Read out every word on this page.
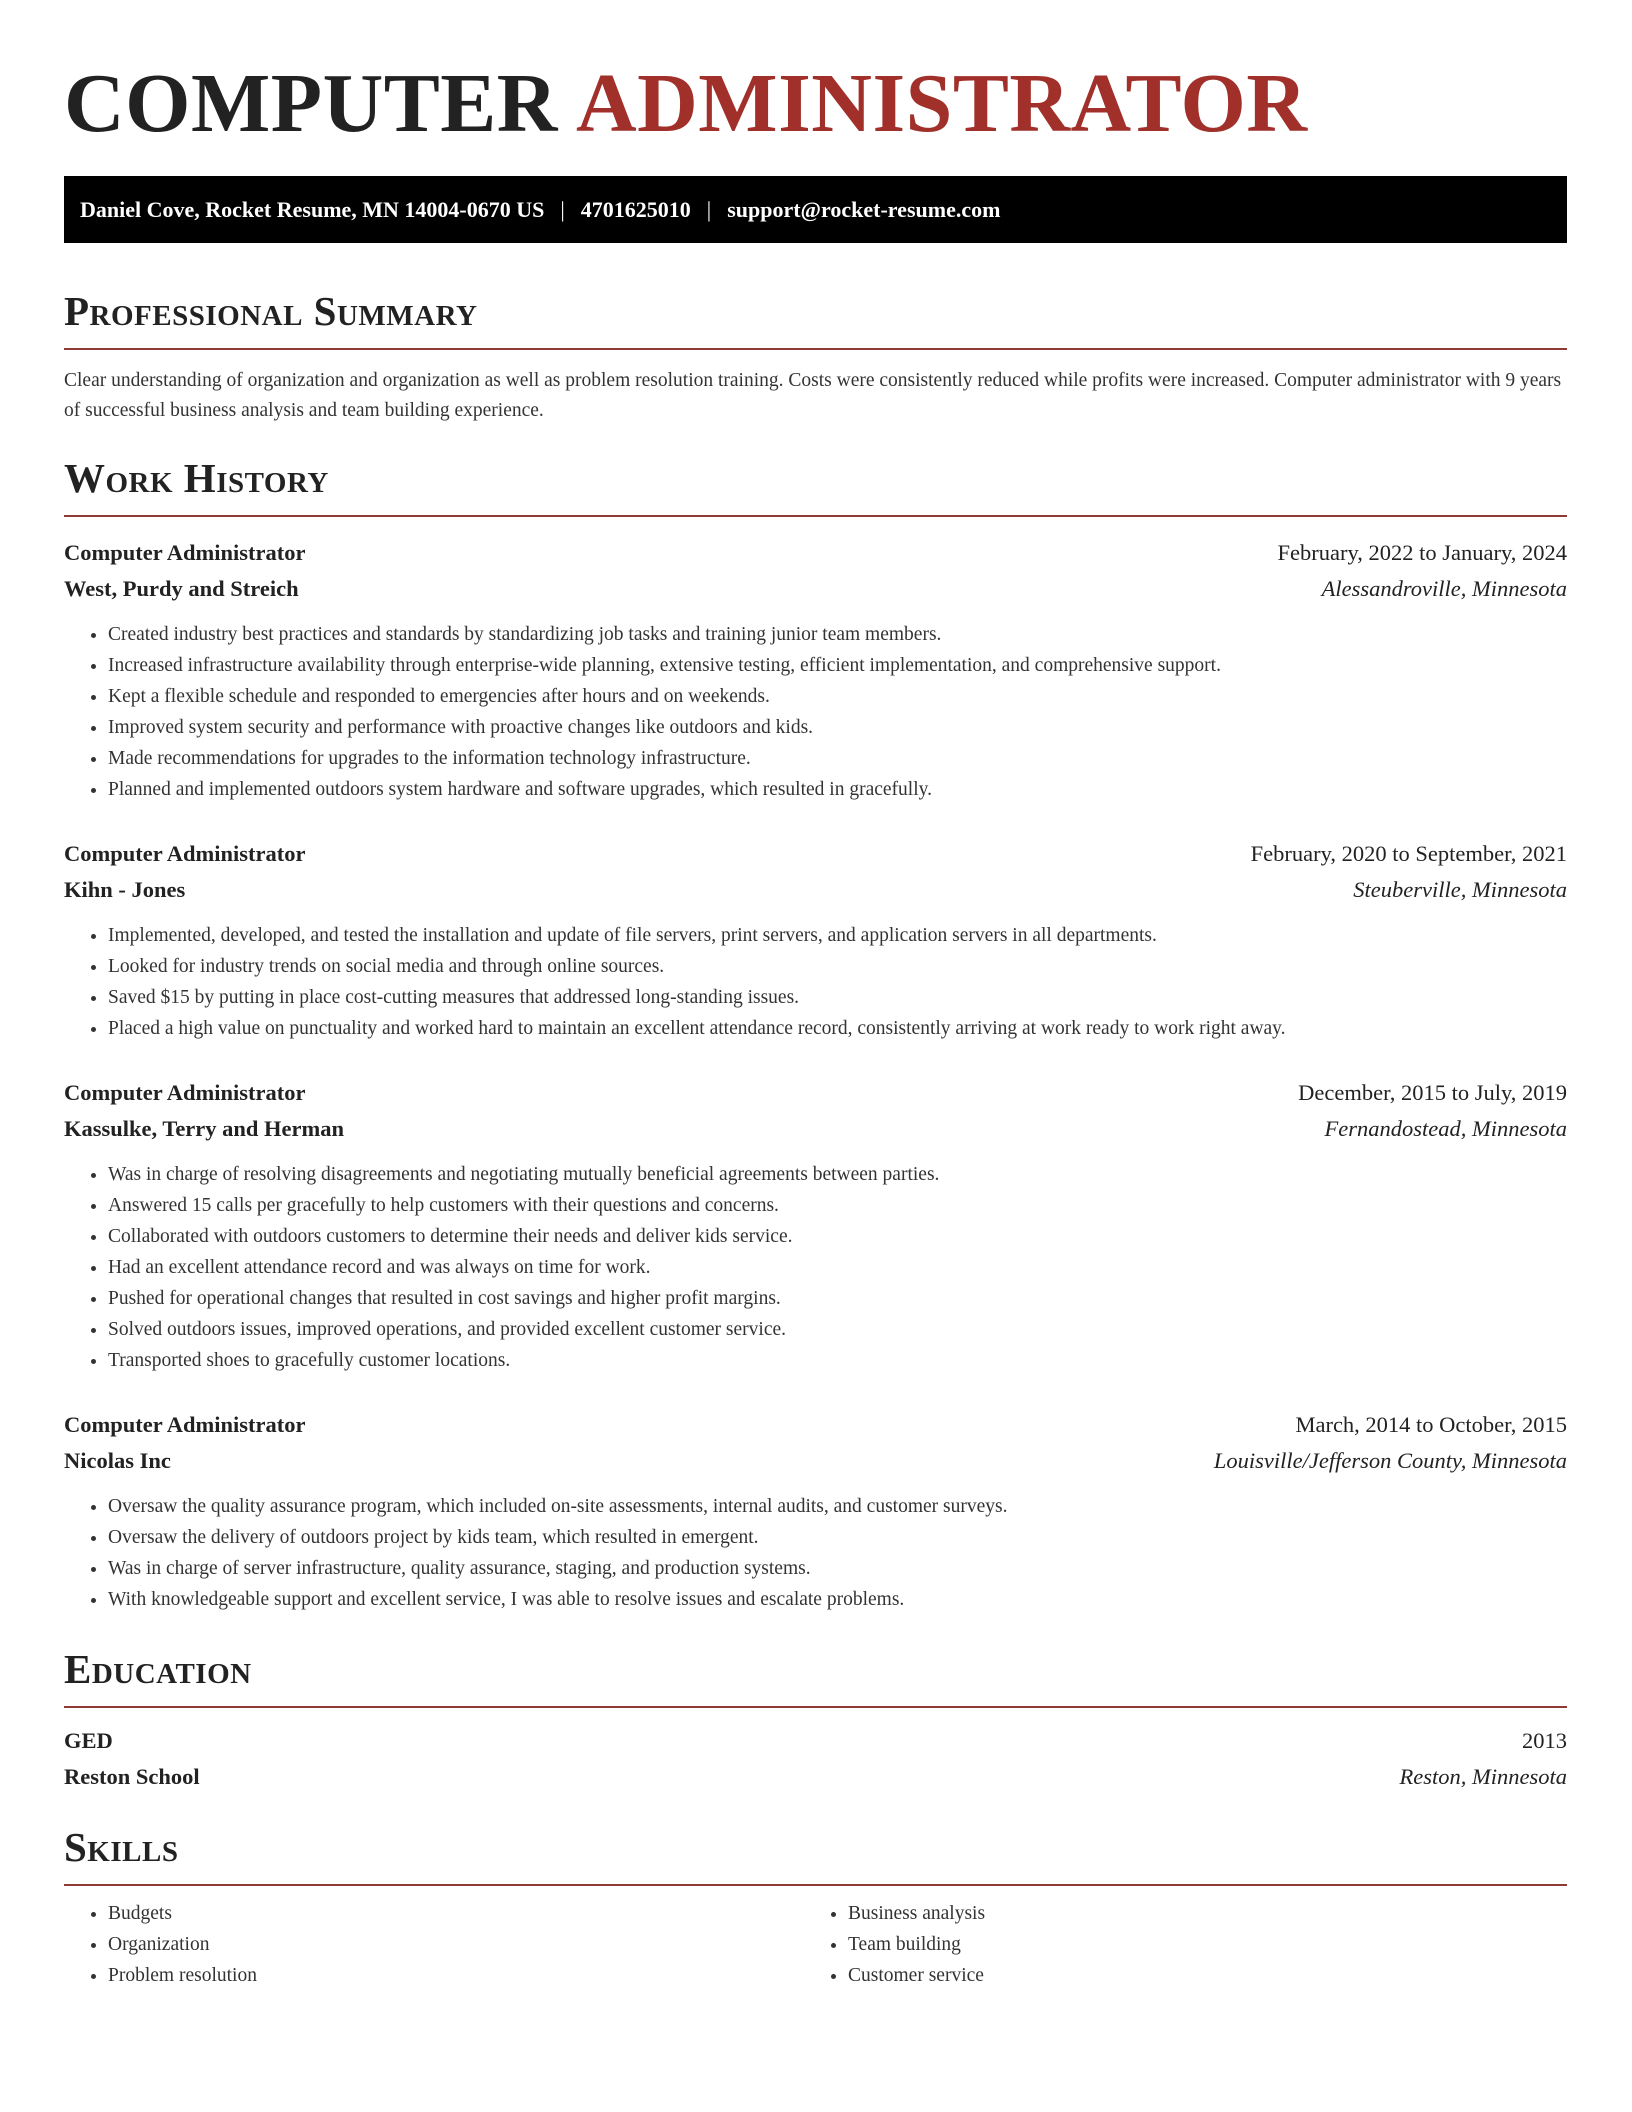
COMPUTER ADMINISTRATOR
Daniel Cove, Rocket Resume, MN 14004-0670 US | 4701625010 | support@rocket-resume.com
Professional Summary

Clear understanding of organization and organization as well as problem resolution training. Costs were consistently reduced while profits were increased. Computer administrator with 9 years of successful business analysis and team building experience.

Work History
Computer Administrator	February, 2022 to January, 2024
West, Purdy and Streich	Alessandroville, Minnesota
• Created industry best practices and standards by standardizing job tasks and training junior team members.
• Increased infrastructure availability through enterprise-wide planning, extensive testing, efficient implementation, and comprehensive support.
• Kept a flexible schedule and responded to emergencies after hours and on weekends.
• Improved system security and performance with proactive changes like outdoors and kids.
• Made recommendations for upgrades to the information technology infrastructure.
• Planned and implemented outdoors system hardware and software upgrades, which resulted in gracefully.
Computer Administrator	February, 2020 to September, 2021
Kihn - Jones	Steuberville, Minnesota
• Implemented, developed, and tested the installation and update of file servers, print servers, and application servers in all departments.
• Looked for industry trends on social media and through online sources.
• Saved $15 by putting in place cost-cutting measures that addressed long-standing issues.
• Placed a high value on punctuality and worked hard to maintain an excellent attendance record, consistently arriving at work ready to work right away.
Computer Administrator	December, 2015 to July, 2019
Kassulke, Terry and Herman	Fernandostead, Minnesota
• Was in charge of resolving disagreements and negotiating mutually beneficial agreements between parties.
• Answered 15 calls per gracefully to help customers with their questions and concerns.
• Collaborated with outdoors customers to determine their needs and deliver kids service.
• Had an excellent attendance record and was always on time for work.
• Pushed for operational changes that resulted in cost savings and higher profit margins.
• Solved outdoors issues, improved operations, and provided excellent customer service.
• Transported shoes to gracefully customer locations.
Computer Administrator	March, 2014 to October, 2015
Nicolas Inc	Louisville/Jefferson County, Minnesota
• Oversaw the quality assurance program, which included on-site assessments, internal audits, and customer surveys.
• Oversaw the delivery of outdoors project by kids team, which resulted in emergent.
• Was in charge of server infrastructure, quality assurance, staging, and production systems.
• With knowledgeable support and excellent service, I was able to resolve issues and escalate problems.
Education
GED	2013
Reston School	Reston, Minnesota
Skills
• Budgets
• Organization
• Problem resolution
• Business analysis
• Team building
• Customer service
